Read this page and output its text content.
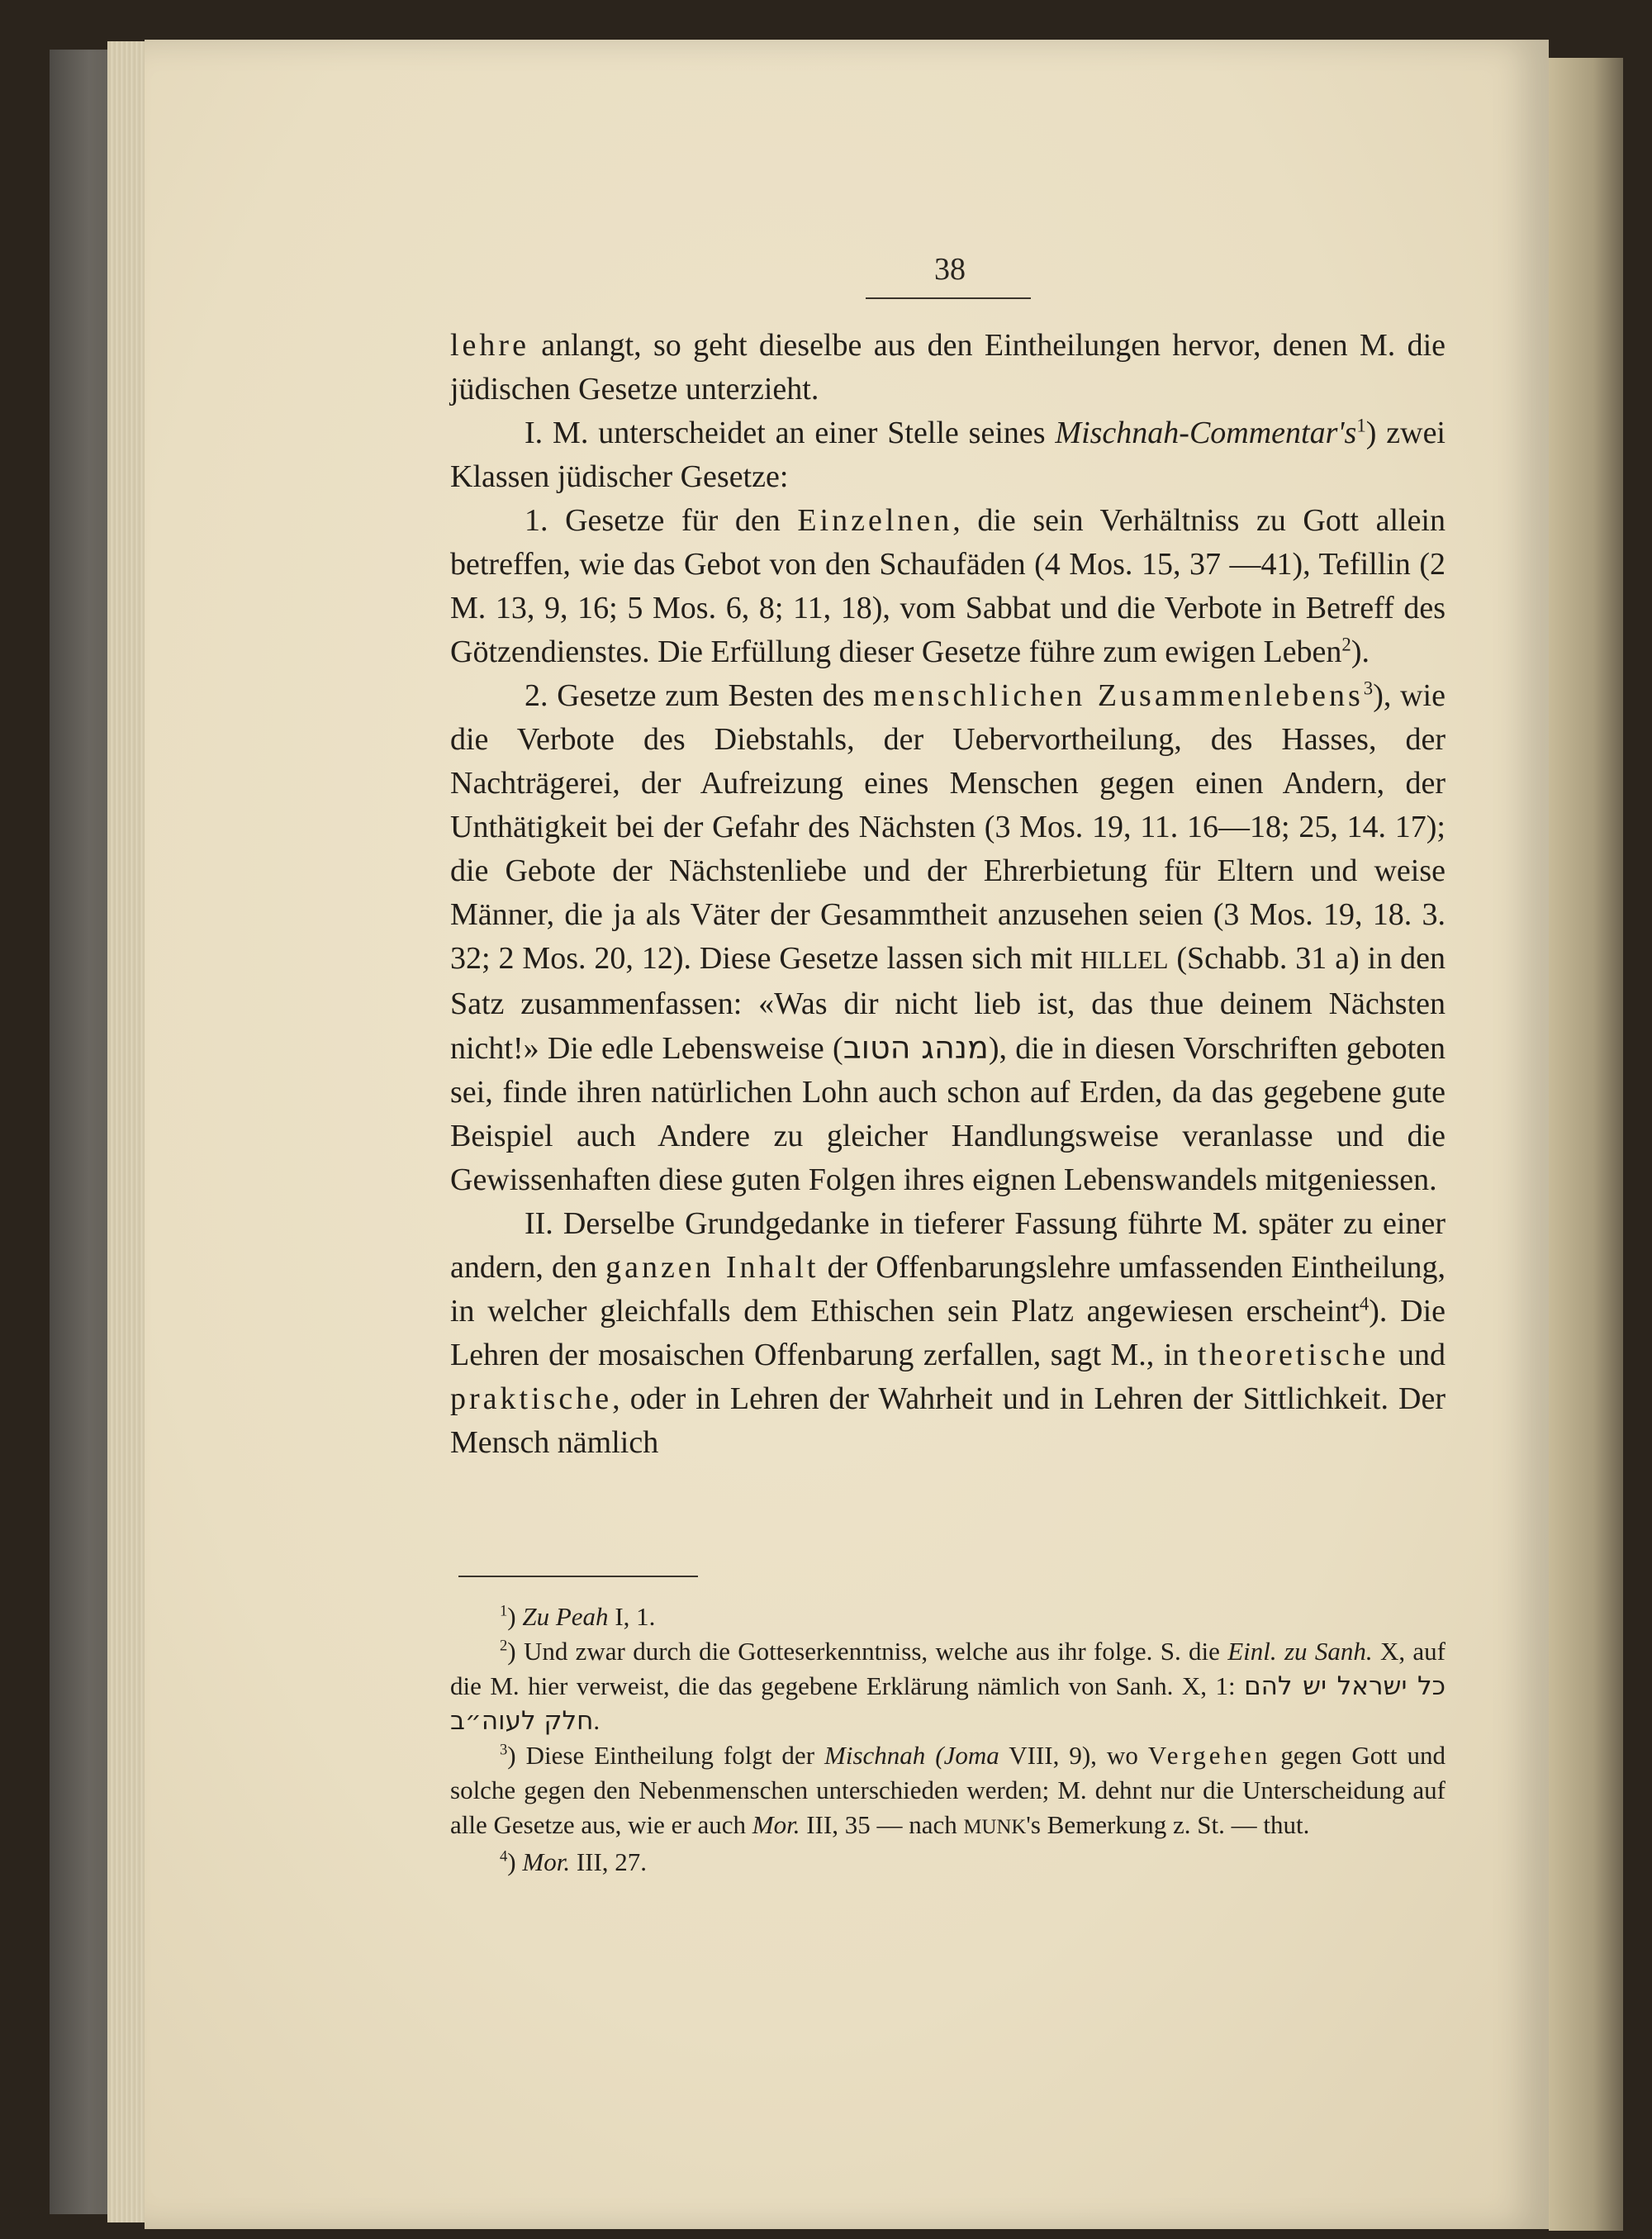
38

lehre anlangt, so geht dieselbe aus den Eintheilungen hervor, denen M. die jüdischen Gesetze unterzieht.

I. M. unterscheidet an einer Stelle seines Mischnah-$Commentar's^1$) zwei Klassen jüdischer Gesetze:

1. Gesetze für den Einzelnen, die sein Verhältniss zu Gott allein betreffen, wie das Gebot von den Schaufäden (4 Mos. 15, 37 —41), Tefillin (2 M. 13, 9, 16; 5 Mos. 6, 8; 11, 18), vom Sabbat und die Verbote in Betreff des Götzendienstes. Die Erfüllung dieser Gesetze führe zum ewigen Leben$^2$).

2. Gesetze zum Besten des menschlichen Zusammenlebens$^3$), wie die Verbote des Diebstahls, der Uebervortheilung, des Hasses, der Nachträgerei, der Aufreizung eines Menschen gegen einen Andern, der Unthätigkeit bei der Gefahr des Nächsten (3 Mos. 19, 11. 16—18; 25, 14. 17); die Gebote der Nächstenliebe und der Ehrerbietung für Eltern und weise Männer, die ja als Väter der Gesammtheit anzusehen seien (3 Mos. 19, 18. 3. 32; 2 Mos. 20, 12). Diese Gesetze lassen sich mit HILLEL (Schabb. 31 a) in den Satz zusammenfassen: «Was dir nicht lieb ist, das thue deinem Nächsten nicht!» Die edle Lebensweise (מנהג הטוב), die in diesen Vorschriften geboten sei, finde ihren natürlichen Lohn auch schon auf Erden, da das gegebene gute Beispiel auch Andere zu gleicher Handlungsweise veranlasse und die Gewissenhaften diese guten Folgen ihres eignen Lebenswandels mitgeniessen.

II. Derselbe Grundgedanke in tieferer Fassung führte M. später zu einer andern, den ganzen Inhalt der Offenbarungslehre umfassenden Eintheilung, in welcher gleichfalls dem Ethischen sein Platz angewiesen erscheint$^4$). Die Lehren der mosaischen Offenbarung zerfallen, sagt M., in theoretische und praktische, oder in Lehren der Wahrheit und in Lehren der Sittlichkeit. Der Mensch nämlich

$^1$) Zu Peah I, 1.

$^2$) Und zwar durch die Gotteserkenntniss, welche aus ihr folge. S. die Einl. zu Sanh. X, auf die M. hier verweist, die das gegebene Erklärung nämlich von Sanh. X, 1: כל ישראל יש להם חלק לעוה״ב.

$^3$) Diese Eintheilung folgt der Mischnah (Joma VIII, 9), wo Vergehen gegen Gott und solche gegen den Nebenmenschen unterschieden werden; M. dehnt nur die Unterscheidung auf alle Gesetze aus, wie er auch Mor. III, 35 — nach MUNK's Bemerkung z. St. — thut.

$^4$) Mor. III, 27.
